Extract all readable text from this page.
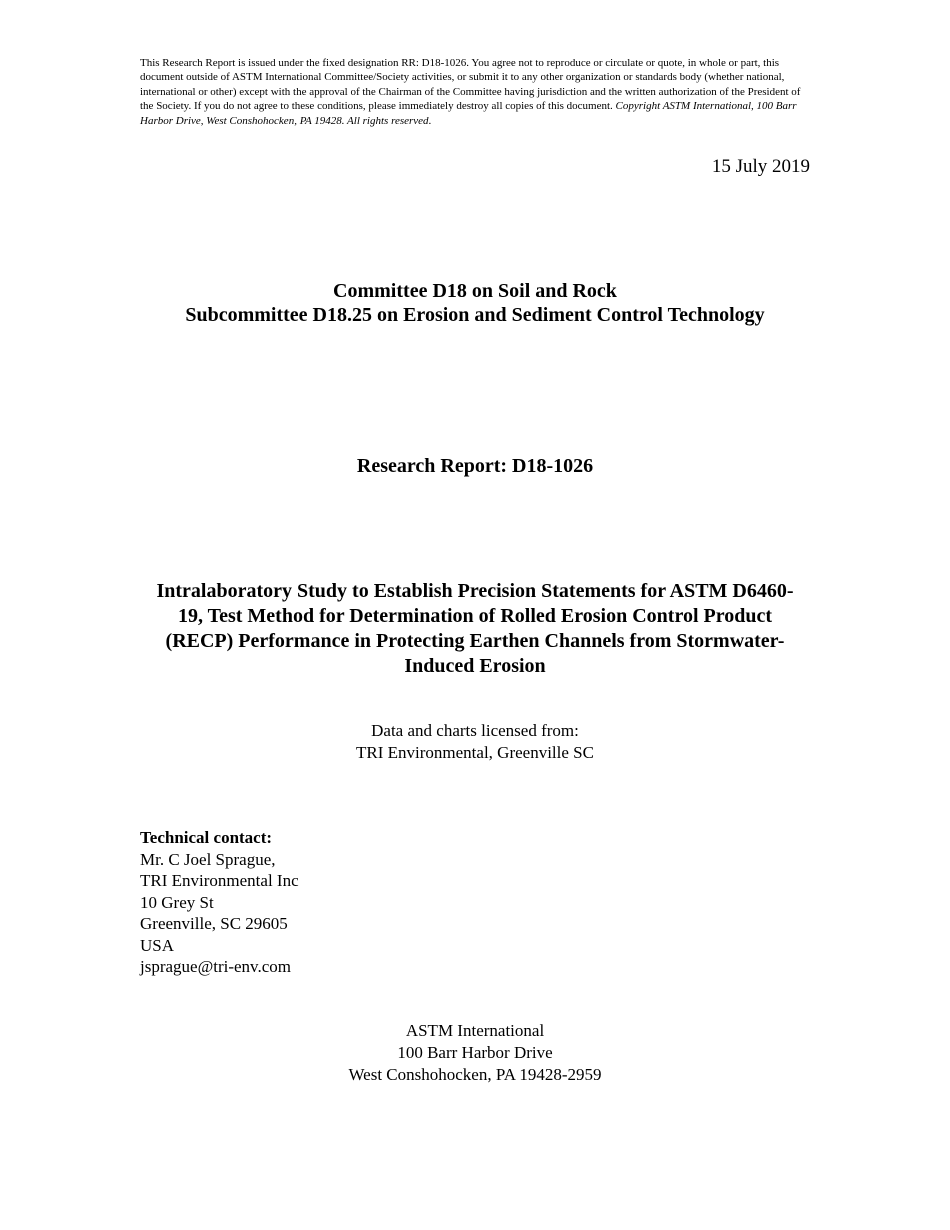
This Research Report is issued under the fixed designation RR: D18-1026. You agree not to reproduce or circulate or quote, in whole or part, this document outside of ASTM International Committee/Society activities, or submit it to any other organization or standards body (whether national, international or other) except with the approval of the Chairman of the Committee having jurisdiction and the written authorization of the President of the Society. If you do not agree to these conditions, please immediately destroy all copies of this document. Copyright ASTM International, 100 Barr Harbor Drive, West Conshohocken, PA 19428. All rights reserved.
15 July 2019
Committee D18 on Soil and Rock
Subcommittee D18.25 on Erosion and Sediment Control Technology
Research Report: D18-1026
Intralaboratory Study to Establish Precision Statements for ASTM D6460-19, Test Method for Determination of Rolled Erosion Control Product (RECP) Performance in Protecting Earthen Channels from Stormwater-Induced Erosion
Data and charts licensed from:
TRI Environmental, Greenville SC
Technical contact:
Mr. C Joel Sprague,
TRI Environmental Inc
10 Grey St
Greenville, SC 29605
USA
jsprague@tri-env.com
ASTM International
100 Barr Harbor Drive
West Conshohocken, PA 19428-2959
